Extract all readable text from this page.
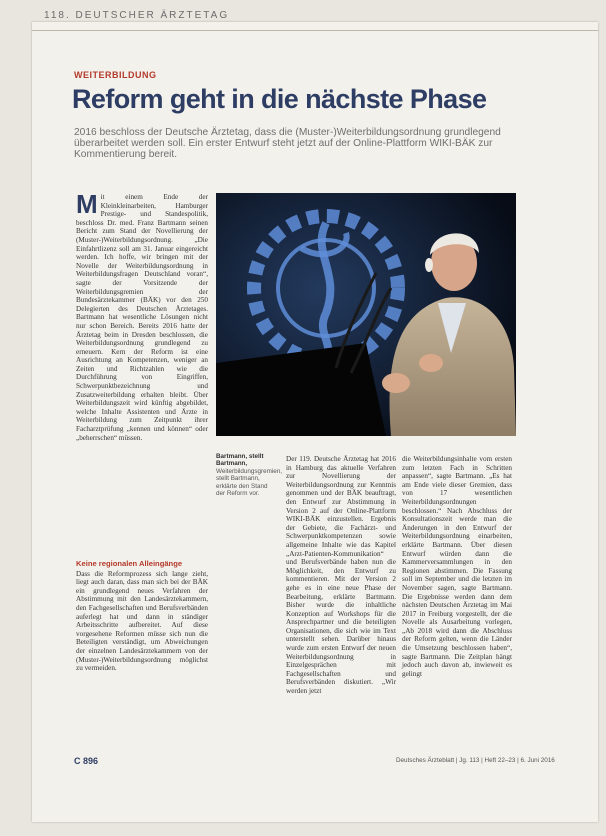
118. DEUTSCHER ÄRZTETAG
WEITERBILDUNG
Reform geht in die nächste Phase
2016 beschloss der Deutsche Ärztetag, dass die (Muster-)Weiterbildungsordnung grundlegend überarbeitet werden soll. Ein erster Entwurf steht jetzt auf der Online-Plattform WIKI-BÄK zur Kommentierung bereit.
Mit einem Ende der Kleinkleinarbeiten, Hamburger Prestige- und Standespolitik, beschloss Dr. med. Franz Bartmann seinen Bericht zum Stand der Novellierung der (Muster-)Weiterbildungsordnung. „Die Einfahrtlizenz soll am 31. Januar eingereicht werden. Ich hoffe, wir bringen mit der Novelle der Weiterbildungsordnung in Weiterbildungsfragen Deutschland voran“, sagte der Vorsitzende der Weiterbildungsgremien der Bundesärztekammer (BÄK) vor den 250 Delegierten des Deutschen Ärztetages. Bartmann hat wesentliche Lösungen nicht nur schon Bereich. Bereits 2016 hatte der Ärztetag beim in Dresden beschlossen, die Weiterbildungsordnung grundlegend zu erneuern. Kern der Reform ist eine Ausrichtung an Kompetenzen, weniger an Zeiten und Richtzahlen wie die Durchführung von Eingriffen, Schwerpunktbezeichnung und Zusatzweiterbildung erhalten bleibt. Über Weiterbildungszeit wird künftig abgebildet, welche Inhalte Assistenten und Ärzte in Weiterbildung zum Zeitpunkt ihrer Facharztprüfung „kennen und können“ oder „beherrschen“ müssen.
Keine regionalen Alleingänge
Dass die Reformprozess sich lange zieht, liegt auch daran, dass man sich bei der BÄK ein grundlegend neues Verfahren der Abstimmung mit den Landesärztekammern, den Fachgesellschaften und Berufsverbänden auferlegt hat und dann in ständiger Arbeitsschritte aufbereitet. Auf diese vorgesehene Reformen müsse sich nun die Beteiligten verständigt, um Abweichungen der einzelnen Landesärztekammern von der (Muster-)Weiterbildungsordnung möglichst zu vermeiden.
Bartmann, stellt Bartmann, Weiterbildungsgremien, stellt Bartmann, erklärte den Stand der Reform vor.
Der 119. Deutsche Ärztetag hat 2016 in Hamburg das aktuelle Verfahren zur Novellierung der Weiterbildungsordnung zur Kenntnis genommen und der BÄK beauftragt, den Entwurf zur Abstimmung in Version 2 auf der Online-Plattform WIKI-BÄK einzustellen. Ergebnis der Gebiete, die Fachärzt- und Schwerpunktkompetenzen sowie allgemeine Inhalte wie das Kapitel „Arzt-Patienten-Kommunikation“ und Berufsverbände haben nun die Möglichkeit, den Entwurf zu kommentieren. Mit der Version 2 gehe es in eine neue Phase der Bearbeitung, erklärte Bartmann. Bisher wurde die inhaltliche Konzeption auf Workshops für die Ansprechpartner und die beteiligten Organisationen, die sich wie im Text unterstellt sehen. Darüber hinaus wurde zum ersten Entwurf der neuen Weiterbildungsordnung in Einzelgesprächen mit Fachgesellschaften und Berufsverbänden diskutiert. „Wir werden jetzt
die Weiterbildungsinhalte vom ersten zum letzten Fach in Schritten anpassen“, sagte Bartmann. „Es hat am Ende viele dieser Gremien, dass von 17 wesentlichen Weiterbildungsordnungen beschlossen.“ Nach Abschluss der Konsultationszeit werde man die Änderungen in den Entwurf der Weiterbildungsordnung einarbeiten, erklärte Bartmann. Über diesen Entwurf würden dann die Kammerversammlungen in den Regionen abstimmen. Die Fassung soll im September und die letzten im November sagen, sagte Bartmann. Die Ergebnisse werden dann dem nächsten Deutschen Ärztetag im Mai 2017 in Freiburg vorgestellt, der die Novelle als Ausarbeitung vorlegen, „Ab 2018 wird dann die Abschluss der Reform gelten, wenn die Länder die Umsetzung beschlossen haben“, sagte Bartmann. Die Zeitplan hängt jedoch auch davon ab, inwieweit es gelingt
C 896	Deutsches Ärzteblatt | Jg. 113 | Heft 22–23 | 6. Juni 2016
